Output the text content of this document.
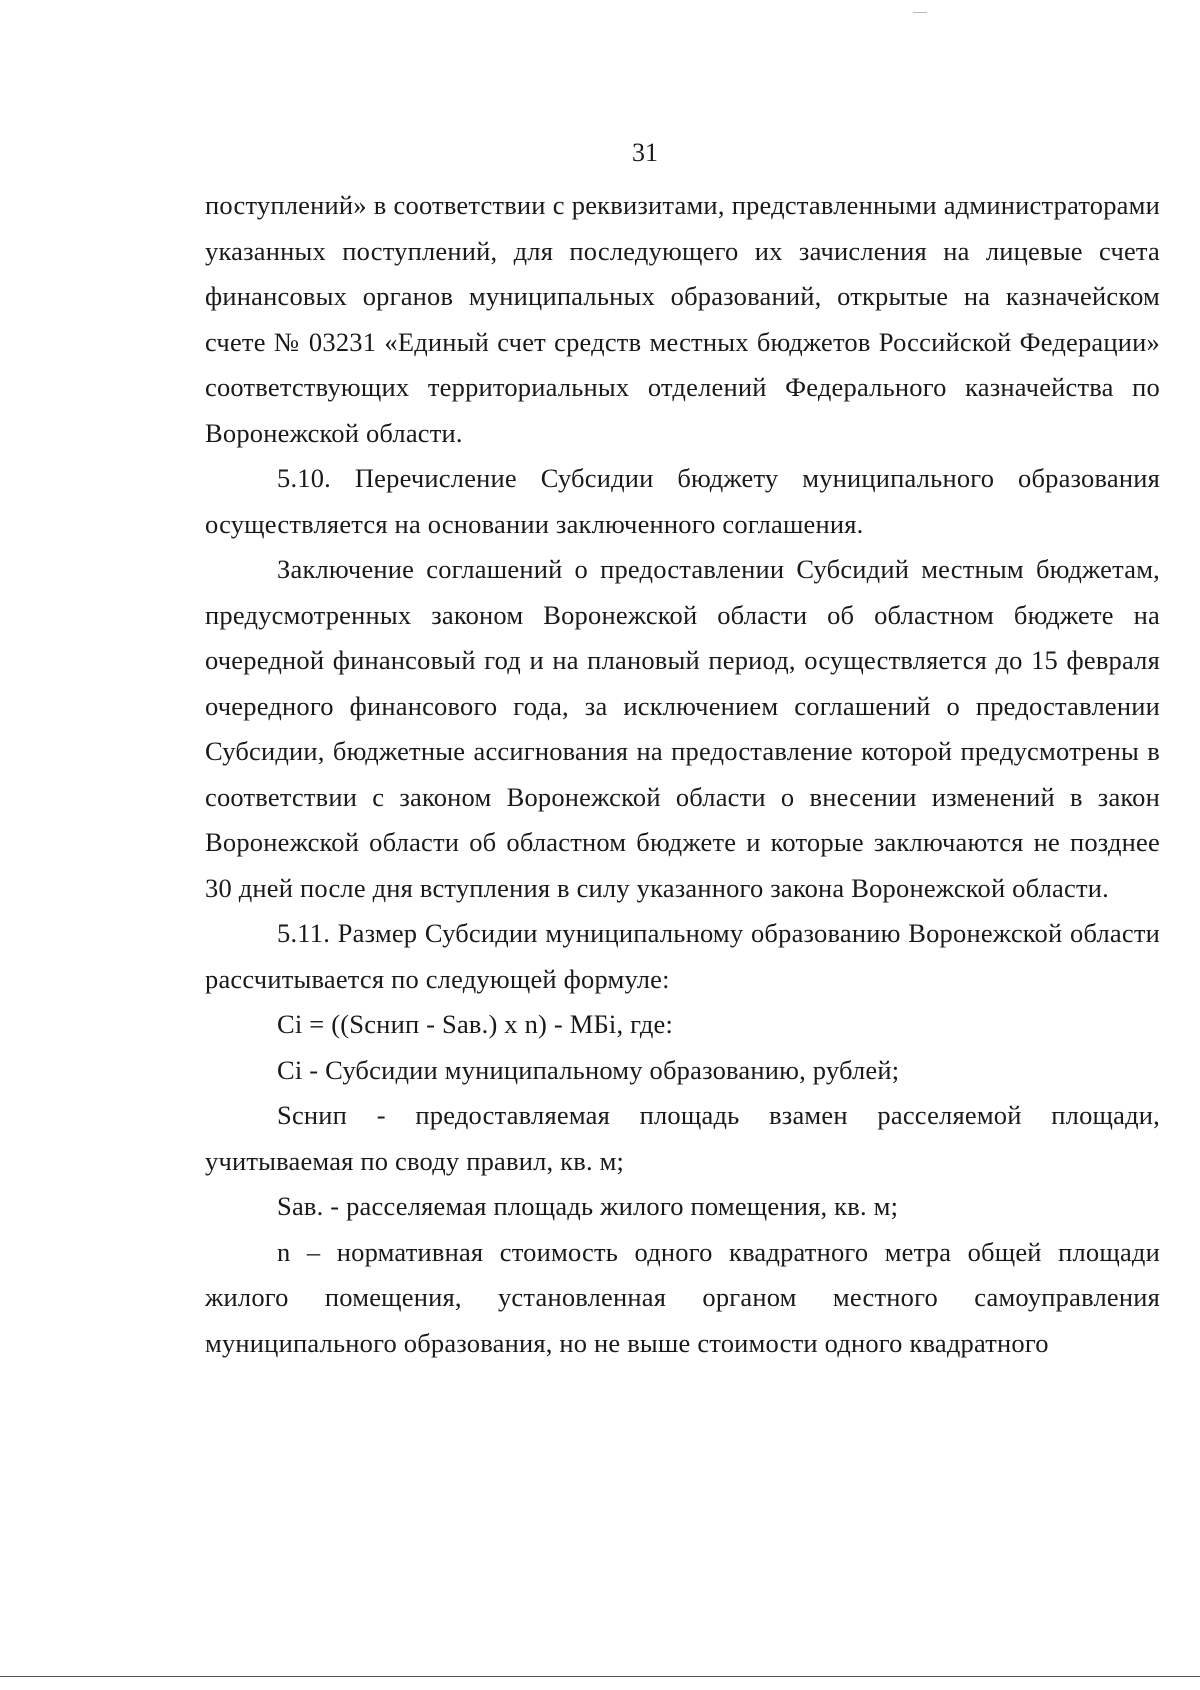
31

поступлений» в соответствии с реквизитами, представленными администраторами указанных поступлений, для последующего их зачисления на лицевые счета финансовых органов муниципальных образований, открытые на казначейском счете № 03231 «Единый счет средств местных бюджетов Российской Федерации» соответствующих территориальных отделений Федерального казначейства по Воронежской области.

5.10. Перечисление Субсидии бюджету муниципального образования осуществляется на основании заключенного соглашения.

Заключение соглашений о предоставлении Субсидий местным бюджетам, предусмотренных законом Воронежской области об областном бюджете на очередной финансовый год и на плановый период, осуществляется до 15 февраля очередного финансового года, за исключением соглашений о предоставлении Субсидии, бюджетные ассигнования на предоставление которой предусмотрены в соответствии с законом Воронежской области о внесении изменений в закон Воронежской области об областном бюджете и которые заключаются не позднее 30 дней после дня вступления в силу указанного закона Воронежской области.

5.11. Размер Субсидии муниципальному образованию Воронежской области рассчитывается по следующей формуле:

Ci = ((Sснип - Sав.) x n) - МБi, где:

Ci - Субсидии муниципальному образованию, рублей;

Sснип - предоставляемая площадь взамен расселяемой площади, учитываемая по своду правил, кв. м;

Sав. - расселяемая площадь жилого помещения, кв. м;

n – нормативная стоимость одного квадратного метра общей площади жилого помещения, установленная органом местного самоуправления муниципального образования, но не выше стоимости одного квадратного
